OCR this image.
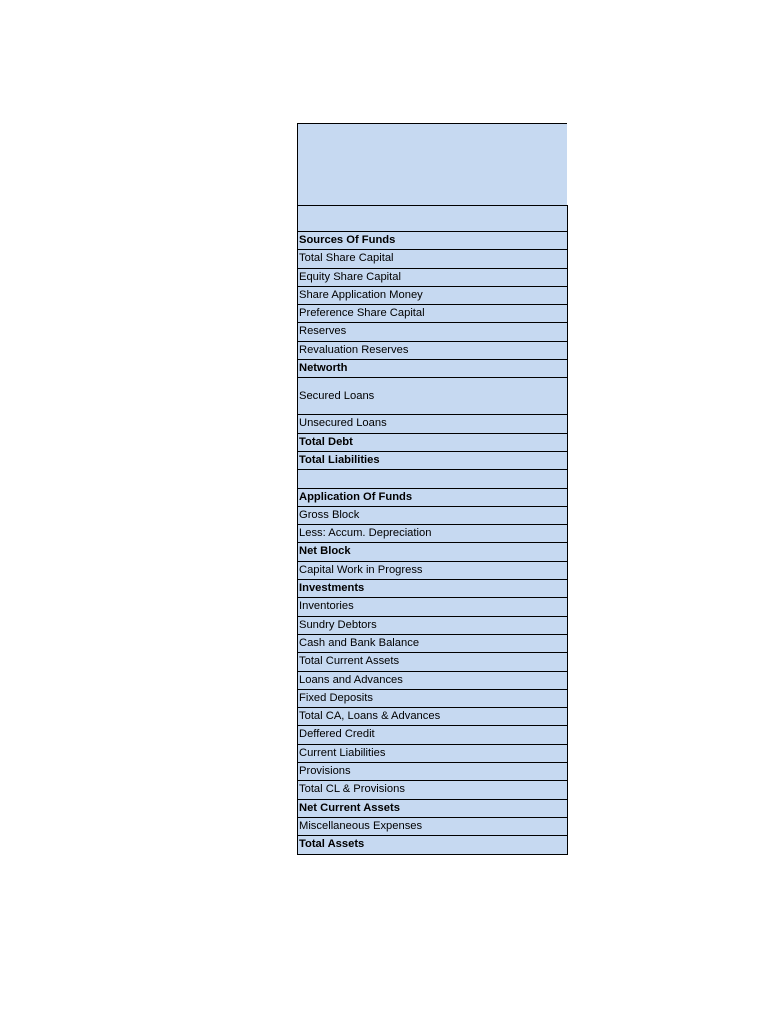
Sources Of Funds
Total Share Capital
Equity Share Capital
Share Application Money
Preference Share Capital
Reserves
Revaluation Reserves
Networth
Secured Loans
Unsecured Loans
Total Debt
Total Liabilities
Application Of Funds
Gross Block
Less: Accum. Depreciation
Net Block
Capital Work in Progress
Investments
Inventories
Sundry Debtors
Cash and Bank Balance
Total Current Assets
Loans and Advances
Fixed Deposits
Total CA, Loans & Advances
Deffered Credit
Current Liabilities
Provisions
Total CL & Provisions
Net Current Assets
Miscellaneous Expenses
Total Assets
